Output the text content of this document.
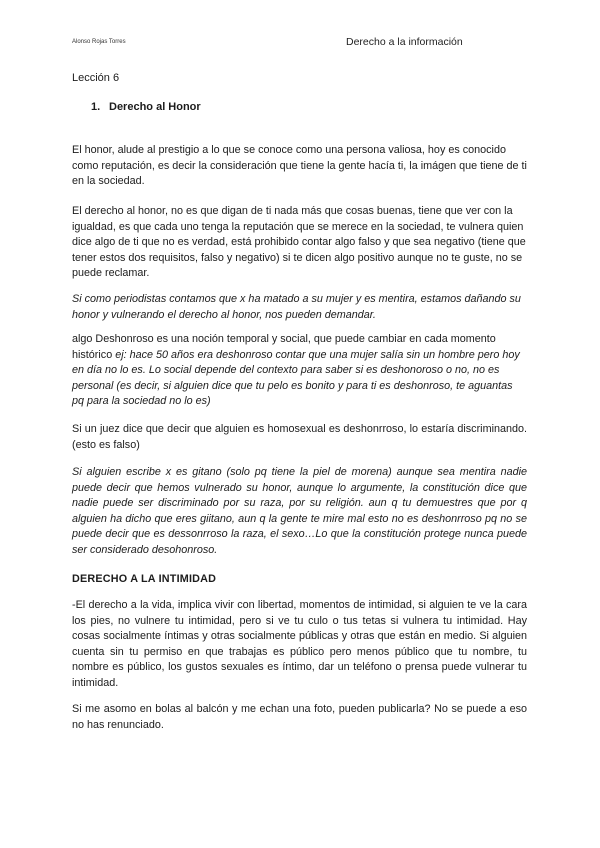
Alonso Rojas Torres	Derecho a la información
Lección 6
1. Derecho al Honor

El honor, alude al prestigio a lo que se conoce como una persona valiosa, hoy es conocido como reputación, es decir la consideración que tiene la gente hacía ti, la imágen que tiene de ti en la sociedad.

El derecho al honor, no es que digan de ti nada más que cosas buenas, tiene que ver con la igualdad, es que cada uno tenga la reputación que se merece en la sociedad, te vulnera quien dice algo de ti que no es verdad, está prohibido contar algo falso y que sea negativo (tiene que tener estos dos requisitos, falso y negativo) si te dicen algo positivo aunque no te guste, no se puede reclamar.

Si como periodistas contamos que x ha matado a su mujer y es mentira, estamos dañando su honor y vulnerando el derecho al honor, nos pueden demandar.

algo Deshonroso es una noción temporal y social, que puede cambiar en cada momento histórico ej: hace 50 años era deshonroso contar que una mujer salía sin un hombre pero hoy en día no lo es. Lo social depende del contexto para saber si es deshonoroso o no, no es personal (es decir, si alguien dice que tu pelo es bonito y para ti es deshonroso, te aguantas pq para la sociedad no lo es)

Si un juez dice que decir que alguien es homosexual es deshonrroso, lo estaría discriminando.(esto es falso)

Si alguien escribe x es gitano (solo pq tiene la piel de morena) aunque sea mentira nadie puede decir que hemos vulnerado su honor, aunque lo argumente, la constitución dice que nadie puede ser discriminado por su raza, por su religión. aun q tu demuestres que por q alguien ha dicho que eres giitano, aun q la gente te mire mal esto no es deshonrroso pq no se puede decir que es dessonrroso la raza, el sexo…Lo que la constitución protege nunca puede ser considerado desohonroso.

DERECHO A LA INTIMIDAD

-El derecho a la vida, implica vivir con libertad, momentos de intimidad, si alguien te ve la cara los pies, no vulnere tu intimidad, pero si ve tu culo o tus tetas si vulnera tu intimidad. Hay cosas socialmente íntimas y otras socialmente públicas y otras que están en medio. Si alguien cuenta sin tu permiso en que trabajas es público pero menos público que tu nombre, tu nombre es público, los gustos sexuales es íntimo, dar un teléfono o prensa puede vulnerar tu intimidad.

Si me asomo en bolas al balcón y me echan una foto, pueden publicarla? No se puede a eso no has renunciado.
